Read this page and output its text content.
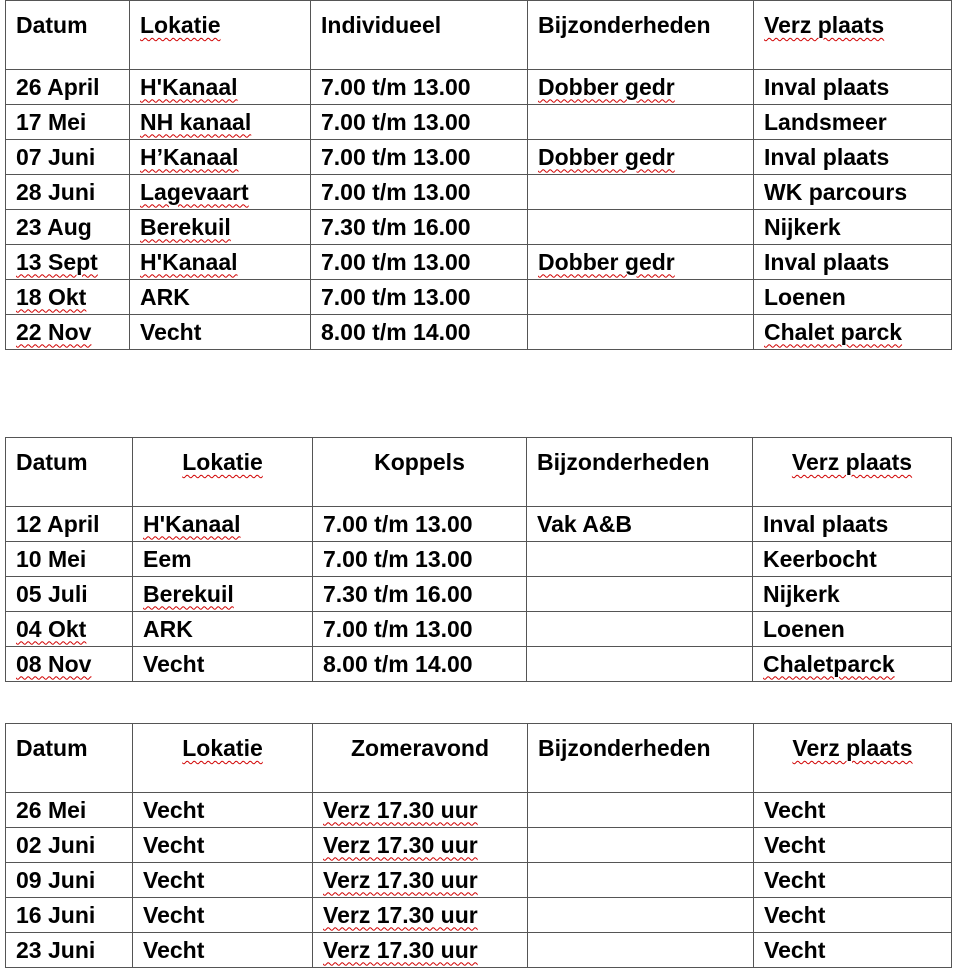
Datum	Lokatie	Individueel	Bijzonderheden	Verz plaats
26 April	H'Kanaal	7.00 t/m 13.00	Dobber gedr	Inval plaats
17 Mei	NH kanaal	7.00 t/m 13.00		Landsmeer
07 Juni	H’Kanaal	7.00 t/m 13.00	Dobber gedr	Inval plaats
28 Juni	Lagevaart	7.00 t/m 13.00		WK parcours
23 Aug	Berekuil	7.30 t/m 16.00		Nijkerk
13 Sept	H'Kanaal	7.00 t/m 13.00	Dobber gedr	Inval plaats
18 Okt	ARK	7.00 t/m 13.00		Loenen
22 Nov	Vecht	8.00 t/m 14.00		Chalet parck
Datum	Lokatie	Koppels	Bijzonderheden	Verz plaats
12 April	H'Kanaal	7.00 t/m 13.00	Vak A&B	Inval plaats
10 Mei	Eem	7.00 t/m 13.00		Keerbocht
05 Juli	Berekuil	7.30 t/m 16.00		Nijkerk
04 Okt	ARK	7.00 t/m 13.00		Loenen
08 Nov	Vecht	8.00 t/m 14.00		Chaletparck
Datum	Lokatie	Zomeravond	Bijzonderheden	Verz plaats
26 Mei	Vecht	Verz 17.30 uur		Vecht
02 Juni	Vecht	Verz 17.30 uur		Vecht
09 Juni	Vecht	Verz 17.30 uur		Vecht
16 Juni	Vecht	Verz 17.30 uur		Vecht
23 Juni	Vecht	Verz 17.30 uur		Vecht
